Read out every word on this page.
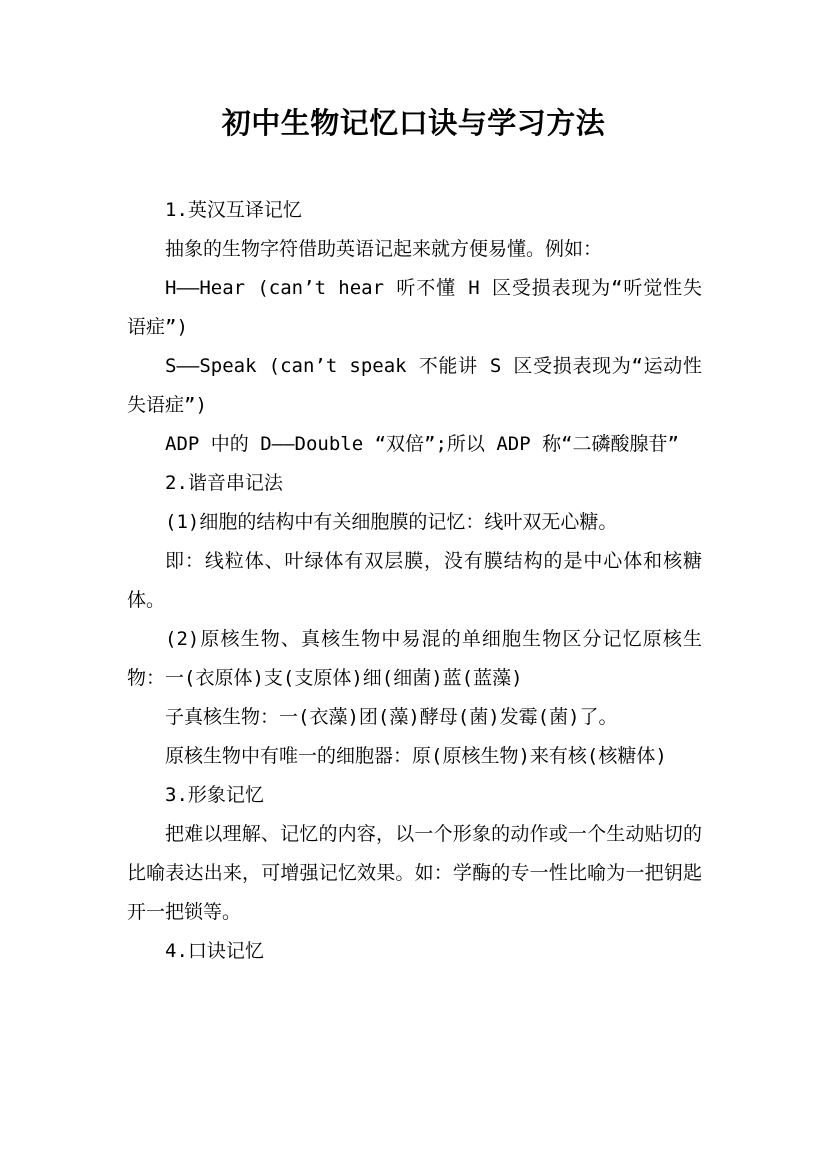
初中生物记忆口诀与学习方法

1.英汉互译记忆

抽象的生物字符借助英语记起来就方便易懂。例如：

H——Hear (can’t hear 听不懂 H 区受损表现为“听觉性失语症”)

S——Speak (can’t speak 不能讲 S 区受损表现为“运动性失语症”)

ADP 中的 D——Double “双倍”;所以 ADP 称“二磷酸腺苷”

2.谐音串记法

(1)细胞的结构中有关细胞膜的记忆：线叶双无心糖。

即：线粒体、叶绿体有双层膜，没有膜结构的是中心体和核糖体。

(2)原核生物、真核生物中易混的单细胞生物区分记忆原核生物：一(衣原体)支(支原体)细(细菌)蓝(蓝藻)

子真核生物：一(衣藻)团(藻)酵母(菌)发霉(菌)了。

原核生物中有唯一的细胞器：原(原核生物)来有核(核糖体)

3.形象记忆

把难以理解、记忆的内容，以一个形象的动作或一个生动贴切的比喻表达出来，可增强记忆效果。如：学酶的专一性比喻为一把钥匙开一把锁等。

4.口诀记忆
